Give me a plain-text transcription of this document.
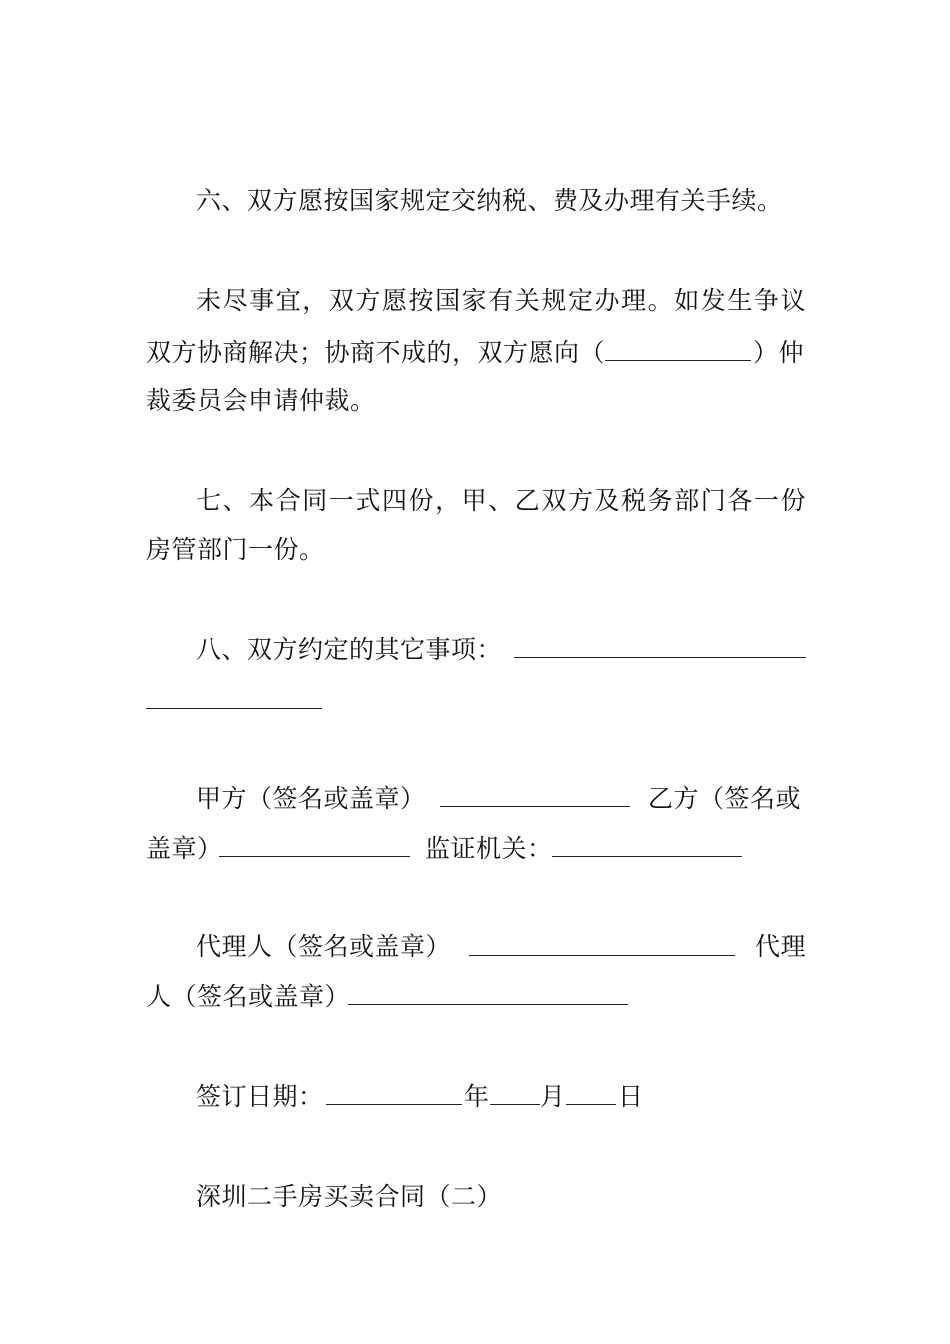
六、双方愿按国家规定交纳税、费及办理有关手续。
未尽事宜，双方愿按国家有关规定办理。如发生争议
双方协商解决；协商不成的，双方愿向（	）仲
裁委员会申请仲裁。
七、本合同一式四份，甲、乙双方及税务部门各一份
房管部门一份。
八、双方约定的其它事项：
甲方（签名或盖章）	乙方（签名或
盖章）	监证机关：
代理人（签名或盖章）	代理
人（签名或盖章）
签订日期：	年 月 日
深圳二手房买卖合同（二）
